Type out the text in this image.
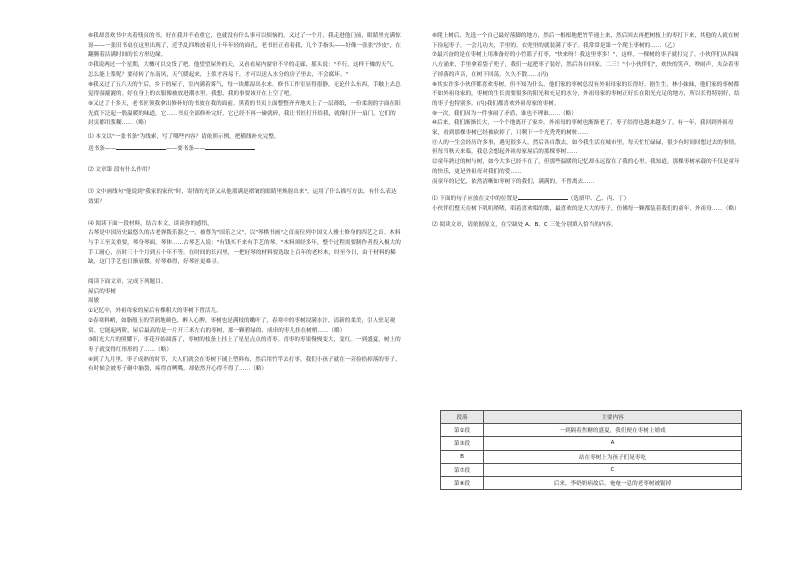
⑥我却喜欢书中夹着残页的书，好在我并不看重它，也就没有什么事可以烦恼的。又过了一个月，我走进他门前，眼睛里充满惊讶——一张旧书桌在这里出现了，近乎乱四堆放着几十年年轻的面孔，老书匠正看着我，几个手指头——好像一张张"沙皮"，在翻腾着沾满时间的长方形边缘。

⑦我说两过一个星期，大概可以交货了吧。他望望屋外的天，又看看屋内窗帘不平的走廊，摇头说："不行，这样干燥的天气，怎么能上浆呢？要待转了东南风，天气暖起来，上浆才容易干，才可以送入水分的房子里去，不会腐坏。"

⑧我又过了五六天的午后，乡下的屋子，室内满着雾气，每一块都湿出水来。修书工作室显得很静，无论什么东西，手触上去总觉得湿漉漉的。好在身上的衣服像被放进潮水里。我想，我的事要该开在上空了吧。

⑨又过了十多天，老书匠领我拿出修补好的书放在我的面前。黑黄的书页上面整整齐齐地夹上了一层薄纸，一份柔润的字面在阳光底下泛起一股温暖的味道，它……书页全部修补完好，它已经不再一碰就碎，我让书匠打开给我，就像打开一扇门，它们的封页都用浆糊……（略）

⑴ 本文以"一张书条"为线索，写了哪些内容？请依照示例，把横线补充完整。

送书条——	——要书条——

⑵ 文章第 段有什么作用？

⑶ 文中画线句"他说到"我家的家伙"时，寄情的光泽又从他那满是褶皱的眼睛里焕射出来"，运用了什么描写方法，有什么表达效果？

⑷ 阅读下面一段材料，结合本文，谈谈你的感悟。

古琴是中国历史最悠久的古老弹拨乐器之一，被尊为"国乐之父"，以"琴棋书画"之首而位列中国文人雅士修身的四艺之首。木料与手工至关重要，琴身琴面，琴体……古琴艺人说："有钱买不来有手艺的琴。"木料须经多年，整个过程需要制作者投入极大的手工耐心，历时三十个月到五十年不等。在时间的长河里，一把好琴的材料要选取上百年的老杉木，时至今日，由于材料的稀缺，这门手艺也日渐衰微。好琴难得，好琴匠更难寻。

阅读下面文章，完成下列题目。

屋后的枣树

周敏

①记忆中，外祖母家的屋后有棵粗大的枣树下曾活儿。

②春寒料峭，如脂般玉的莹润地颜色，醉人心脾。枣树也是满枝的嫩叶了，春寒中的枣树浸满水汁，清新的柔美，引人驻足观赏。它能起两阶，屋后最高的是一片开三米左右的枣树，那一颗碧绿的、成串的枣儿挂在树梢……（略）

③阳光大片的照耀下，枣花开始凋落了，枣树的枝条上挂上了星星点点的青枣。青枣的枣果慢慢变大，变红。一到盛夏，树上的枣子就变得红彤彤的了……（略）

④到了九月里，枣子成熟的时节，大人们就会在枣树下铺上塑料布，然后用竹竿去打枣。我们小孩子就在一旁捡拾掉落的枣子，有时候会被枣子砸中脑袋，疼得直咧嘴，却依然开心得不得了……（略）

⑥爬上树后，先选一个自己最好落脚的地方，然后一根根地把竹竿递上来，然后回去再把树枝上的枣打下来，其他的人就在树下捡起枣子。一会儿功夫，手里的、衣兜里的就装满了枣子。我常常是第一个爬上枣树的……（乙）

⑦最兴奋的是在枣树上用准备好的小竹篮子打枣，"快来呀！我这里枣多！"，这样，一棵树的枣子就打完了。小伙伴们从四面八方涌来，手里拿着袋子兜子，我们一起把枣子装好，然后各自回家。二三！"小小伙伴们"，欢快的笑声，吵闹声，夹杂着枣子掉落的声音，在树下回荡，久久不散……(丙)

⑧其实许多小伙伴都喜欢枣树，但不知为什么，他们家的枣树总没有外祖母家的长得好。据生生、林小妹妹，他们家的枣树都不如外祖母家的。枣树的生长需要很多的阳光和充足的水分，外祖母家的枣树正好长在阳光充足的地方，所以长得特别好，结的枣子也特别多。(丙)我们都喜欢外祖母家的枣树。

⑨一次，我们因为一件事闹了矛盾，谁也不理谁……（略）

⑩后来，我们渐渐长大，一个个地离开了家乡。外祖母的枣树也渐渐老了，枣子结得也越来越少了。有一年，我回到外祖母家，看到那棵枣树已经被砍掉了，只剩下一个光秃秃的树桩……

⑪人的一生会经历许多事，遇见很多人，然后各自散去。如今我生活在城市里，每天忙忙碌碌，很少有时间回想过去的事情。但每当秋天来临，我总会想起外祖母家屋后的那棵枣树……

⑫童年熟过的树与树，如今大多已经不在了，但那些温暖的记忆却永远留在了我的心里。我知道，那棵枣树承载的不仅是童年的快乐，更是外祖母对我们的爱……

而童年的记忆，依然清晰如枣树下的我们，满满的，不曾离去……

⑴ 下面的句子应放在文中的位置是	（选填甲、乙、丙、丁）

小伙伴们整天在树下叽叽喳喳，唱着喜欢唱的歌，最喜欢的是大大的枣子，仿佛每一颗都装着我们的童年，外祖母……（略）

⑵ 阅读文章，请依据原文，在空缺处 A、B、C 三处分别填入恰当的内容。

段落	主要内容
第②段	一到隔着焦糖的盛夏，我们便在枣树上嬉戏
第③段	A
B	站在枣树上为孩子们晃枣吃
第⑦段	C
第⑧段	后来，李奶奶病故后，奄奄一息的老枣树被锯掉
